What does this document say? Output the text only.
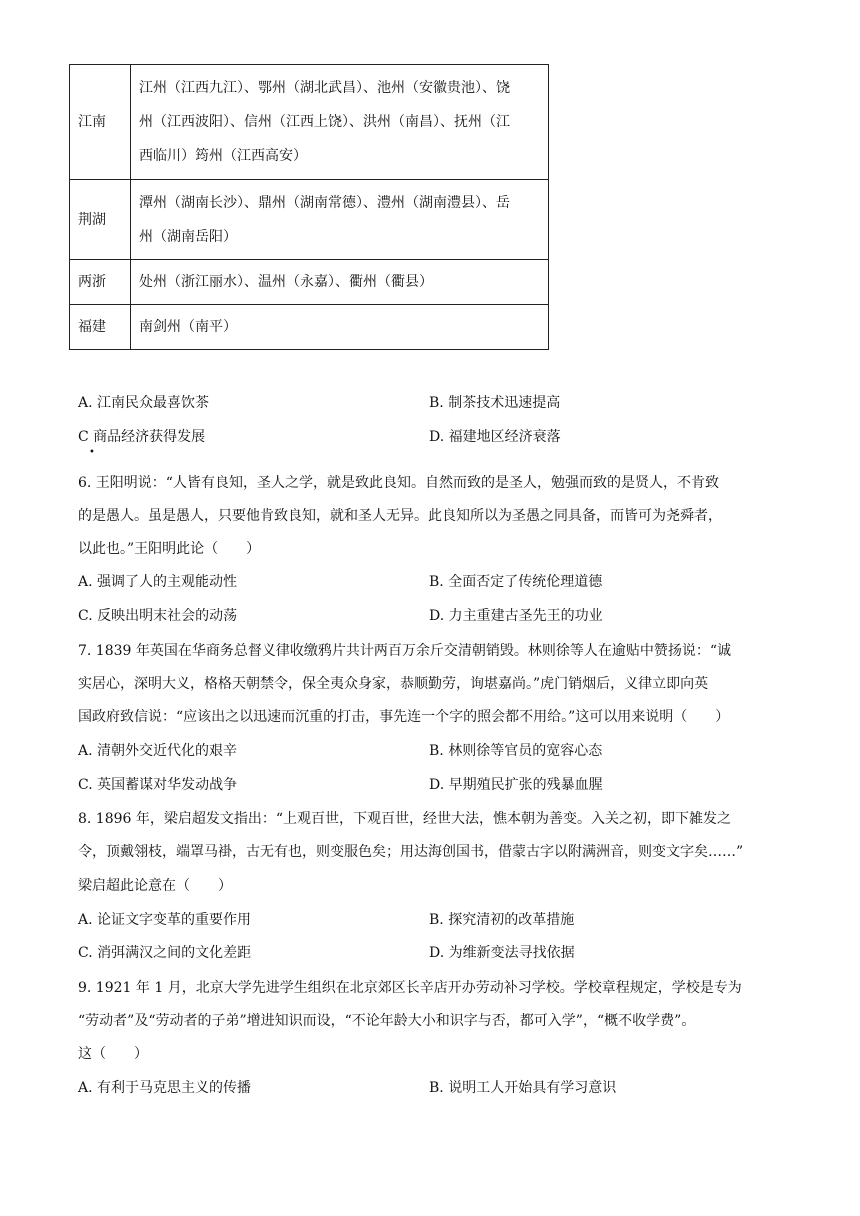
江南	江州（江西九江）、鄂州（湖北武昌）、池州（安徽贵池）、饶
州（江西波阳）、信州（江西上饶）、洪州（南昌）、抚州（江
西临川）筠州（江西高安）

荆湖	潭州（湖南长沙）、鼎州（湖南常德）、澧州（湖南澧县）、岳
州（湖南岳阳）

两浙	处州（浙江丽水）、温州（永嘉）、衢州（衢县）

福建	南剑州（南平）
A. 江南民众最喜饮茶	B. 制茶技术迅速提高
C 商品经济获得发展
•
D. 福建地区经济衰落
6. 王阳明说：“人皆有良知，圣人之学，就是致此良知。自然而致的是圣人，勉强而致的是贤人，不肯致
的是愚人。虽是愚人，只要他肯致良知，就和圣人无异。此良知所以为圣愚之同具备，而皆可为尧舜者，
以此也。”王阳明此论（　　）
A. 强调了人的主观能动性	B. 全面否定了传统伦理道德
C. 反映出明末社会的动荡	D. 力主重建古圣先王的功业
7. 1839 年英国在华商务总督义律收缴鸦片共计两百万余斤交清朝销毁。林则徐等人在逾贴中赞扬说：“诚
实居心，深明大义，格格天朝禁令，保全夷众身家，恭顺勤劳，询堪嘉尚。”虎门销烟后，义律立即向英
国政府致信说：“应该出之以迅速而沉重的打击，事先连一个字的照会都不用给。”这可以用来说明（　　）
A. 清朝外交近代化的艰辛	B. 林则徐等官员的宽容心态
C. 英国蓄谋对华发动战争	D. 早期殖民扩张的残暴血腥
8. 1896 年，梁启超发文指出：“上观百世，下观百世，经世大法，憔本朝为善变。入关之初，即下雑发之
令，顶戴翎枝，端罩马褂，古无有也，则变服色矣；用达海创国书，借蒙古字以附满洲音，则变文字矣……”
梁启超此论意在（　　）
A. 论证文字变革的重要作用	B. 探究清初的改革措施
C. 消弭满汉之间的文化差距	D. 为维新变法寻找依据
9. 1921 年 1 月，北京大学先进学生组织在北京郊区长辛店开办劳动补习学校。学校章程规定，学校是专为
“劳动者”及“劳动者的子弟”增进知识而设，“不论年龄大小和识字与否，都可入学”，“概不收学费”。
这（　　）
A. 有利于马克思主义的传播	B. 说明工人开始具有学习意识
